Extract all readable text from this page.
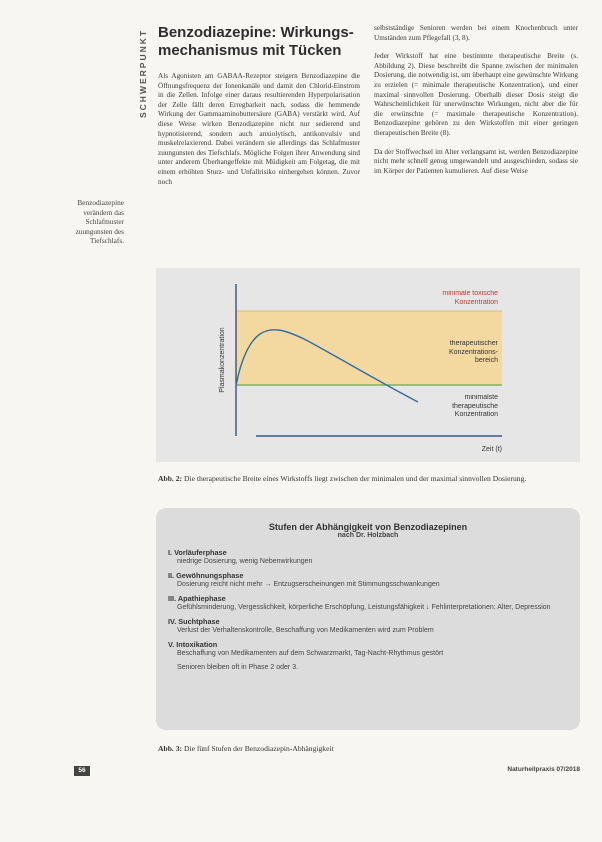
SCHWERPUNKT Benzodiazepine: Wirkungs-mechanismus mit Tücken

Als Agonisten am GABAA-Rezeptor steigern Benzodiazepine die Öffnungsfrequenz der Ionenkanäle und damit den Chlorid-Einstrom in die Zellen. Infolge einer daraus resultierenden Hyperpolarisation der Zelle fällt deren Erregbarkeit nach, sodass die hemmende Wirkung der Gammaaminobuttersäure (GABA) verstärkt wird. Auf diese Weise wirken Benzodiazepine nicht nur sedierend und hypnotisierend, sondern auch anxiolytisch, antikonvulsiv und muskelrelaxierend. Dabei verändern sie allerdings das Schlafmuster zuungunsten des Tiefschlafs. Mögliche Folgen ihrer Anwendung sind unter anderem Überhangeffekte mit Müdigkeit am Folgetag, die mit einem erhöhten Sturz- und Unfallrisiko einhergehen können. Zuvor noch

selbstständige Senioren werden bei einem Knochenbruch unter Umständen zum Pflegefall (3, 8).

Jeder Wirkstoff hat eine bestimmte therapeutische Breite (s. Abbildung 2). Diese beschreibt die Spanne zwischen der minimalen Dosierung, die notwendig ist, um überhaupt eine gewünschte Wirkung zu erzielen (= minimale therapeutische Konzentration), und einer maximal sinnvollen Dosierung. Oberhalb dieser Dosis steigt die Wahrscheinlichkeit für unerwünschte Wirkungen, nicht aber die für die erwünschte (= maximale therapeutische Konzentration). Benzodiazepine gehören zu den Wirkstoffen mit einer geringen therapeutischen Breite (8).

Da der Stoffwechsel im Alter verlangsamt ist, werden Benzodiazepine nicht mehr schnell genug umgewandelt und ausgeschieden, sodass sie im Körper der Patienten kumulieren. Auf diese Weise

Benzodiazepine verändern das Schlafmuster zuungunsten des Tiefschlafs.
Plasmakonzentration
minimale toxische Konzentration
therapeutischer Konzentrations-bereich
minimalste therapeutische Konzentration
Zeit (t)
Abb. 2: Die therapeutische Breite eines Wirkstoffs liegt zwischen der minimalen und der maximal sinnvollen Dosierung.
Stufen der Abhängigkeit von Benzodiazepinen
nach Dr. Holzbach
I. Vorläuferphase
niedrige Dosierung, wenig Nebenwirkungen
II. Gewöhnungsphase
Dosierung reicht nicht mehr → Entzugserscheinungen mit Stimmungsschwankungen
III. Apathiephase
Gefühlsminderung, Vergesslichkeit, körperliche Erschöpfung, Leistungsfähigkeit ↓ Fehlinterpretationen: Alter, Depression
IV. Suchtphase
Verlust der Verhaltenskontrolle, Beschaffung von Medikamenten wird zum Problem
V. Intoxikation
Beschaffung von Medikamenten auf dem Schwarzmarkt, Tag-Nacht-Rhythmus gestört
Senioren bleiben oft in Phase 2 oder 3.
Abb. 3: Die fünf Stufen der Benzodiazepin-Abhängigkeit
56	Naturheilpraxis 07/2018
